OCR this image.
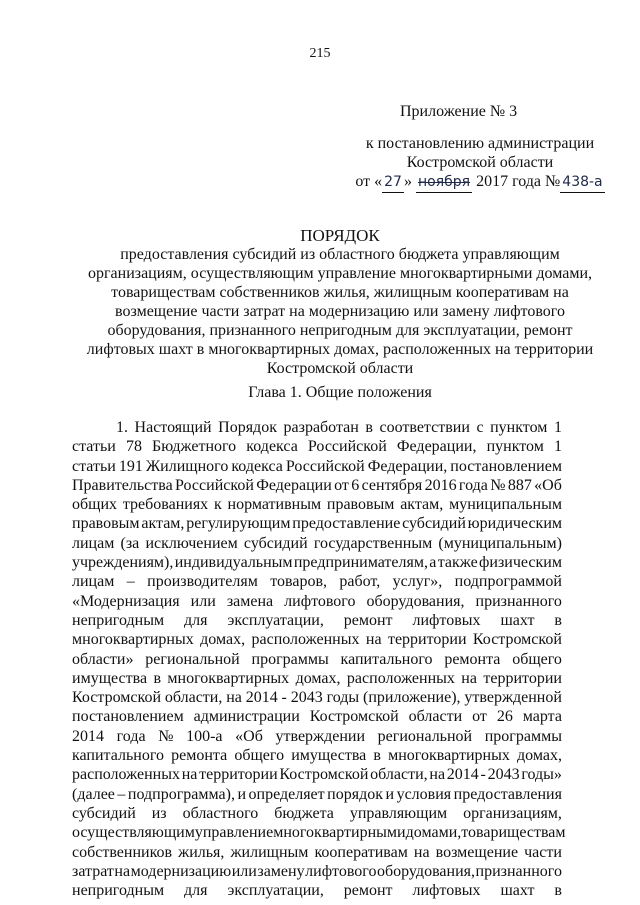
215
Приложение № 3
к постановлению администрации
Костромской области
от « 27 » ноября 2017 года № 438-а
ПОРЯДОК
предоставления субсидий из областного бюджета управляющим
организациям, осуществляющим управление многоквартирными домами,
товариществам собственников жилья, жилищным кооперативам на
возмещение части затрат на модернизацию или замену лифтового
оборудования, признанного непригодным для эксплуатации, ремонт
лифтовых шахт в многоквартирных домах, расположенных на территории
Костромской области
Глава 1. Общие положения
1. Настоящий Порядок разработан в соответствии с пунктом 1
статьи 78 Бюджетного кодекса Российской Федерации, пунктом 1
статьи 191 Жилищного кодекса Российской Федерации, постановлением
Правительства Российской Федерации от 6 сентября 2016 года № 887 «Об
общих требованиях к нормативным правовым актам, муниципальным
правовым актам, регулирующим предоставление субсидий юридическим
лицам (за исключением субсидий государственным (муниципальным)
учреждениям), индивидуальным предпринимателям, а также физическим
лицам – производителям товаров, работ, услуг», подпрограммой
«Модернизация или замена лифтового оборудования, признанного
непригодным для эксплуатации, ремонт лифтовых шахт в
многоквартирных домах, расположенных на территории Костромской
области» региональной программы капитального ремонта общего
имущества в многоквартирных домах, расположенных на территории
Костромской области, на 2014 - 2043 годы (приложение), утвержденной
постановлением администрации Костромской области от 26 марта
2014 года № 100-а «Об утверждении региональной программы
капитального ремонта общего имущества в многоквартирных домах,
расположенных на территории Костромской области, на 2014 - 2043 годы»
(далее – подпрограмма), и определяет порядок и условия предоставления
субсидий из областного бюджета управляющим организациям,
осуществляющим управление многоквартирными домами, товариществам
собственников жилья, жилищным кооперативам на возмещение части
затрат на модернизацию или замену лифтового оборудования, признанного
непригодным для эксплуатации, ремонт лифтовых шахт в
